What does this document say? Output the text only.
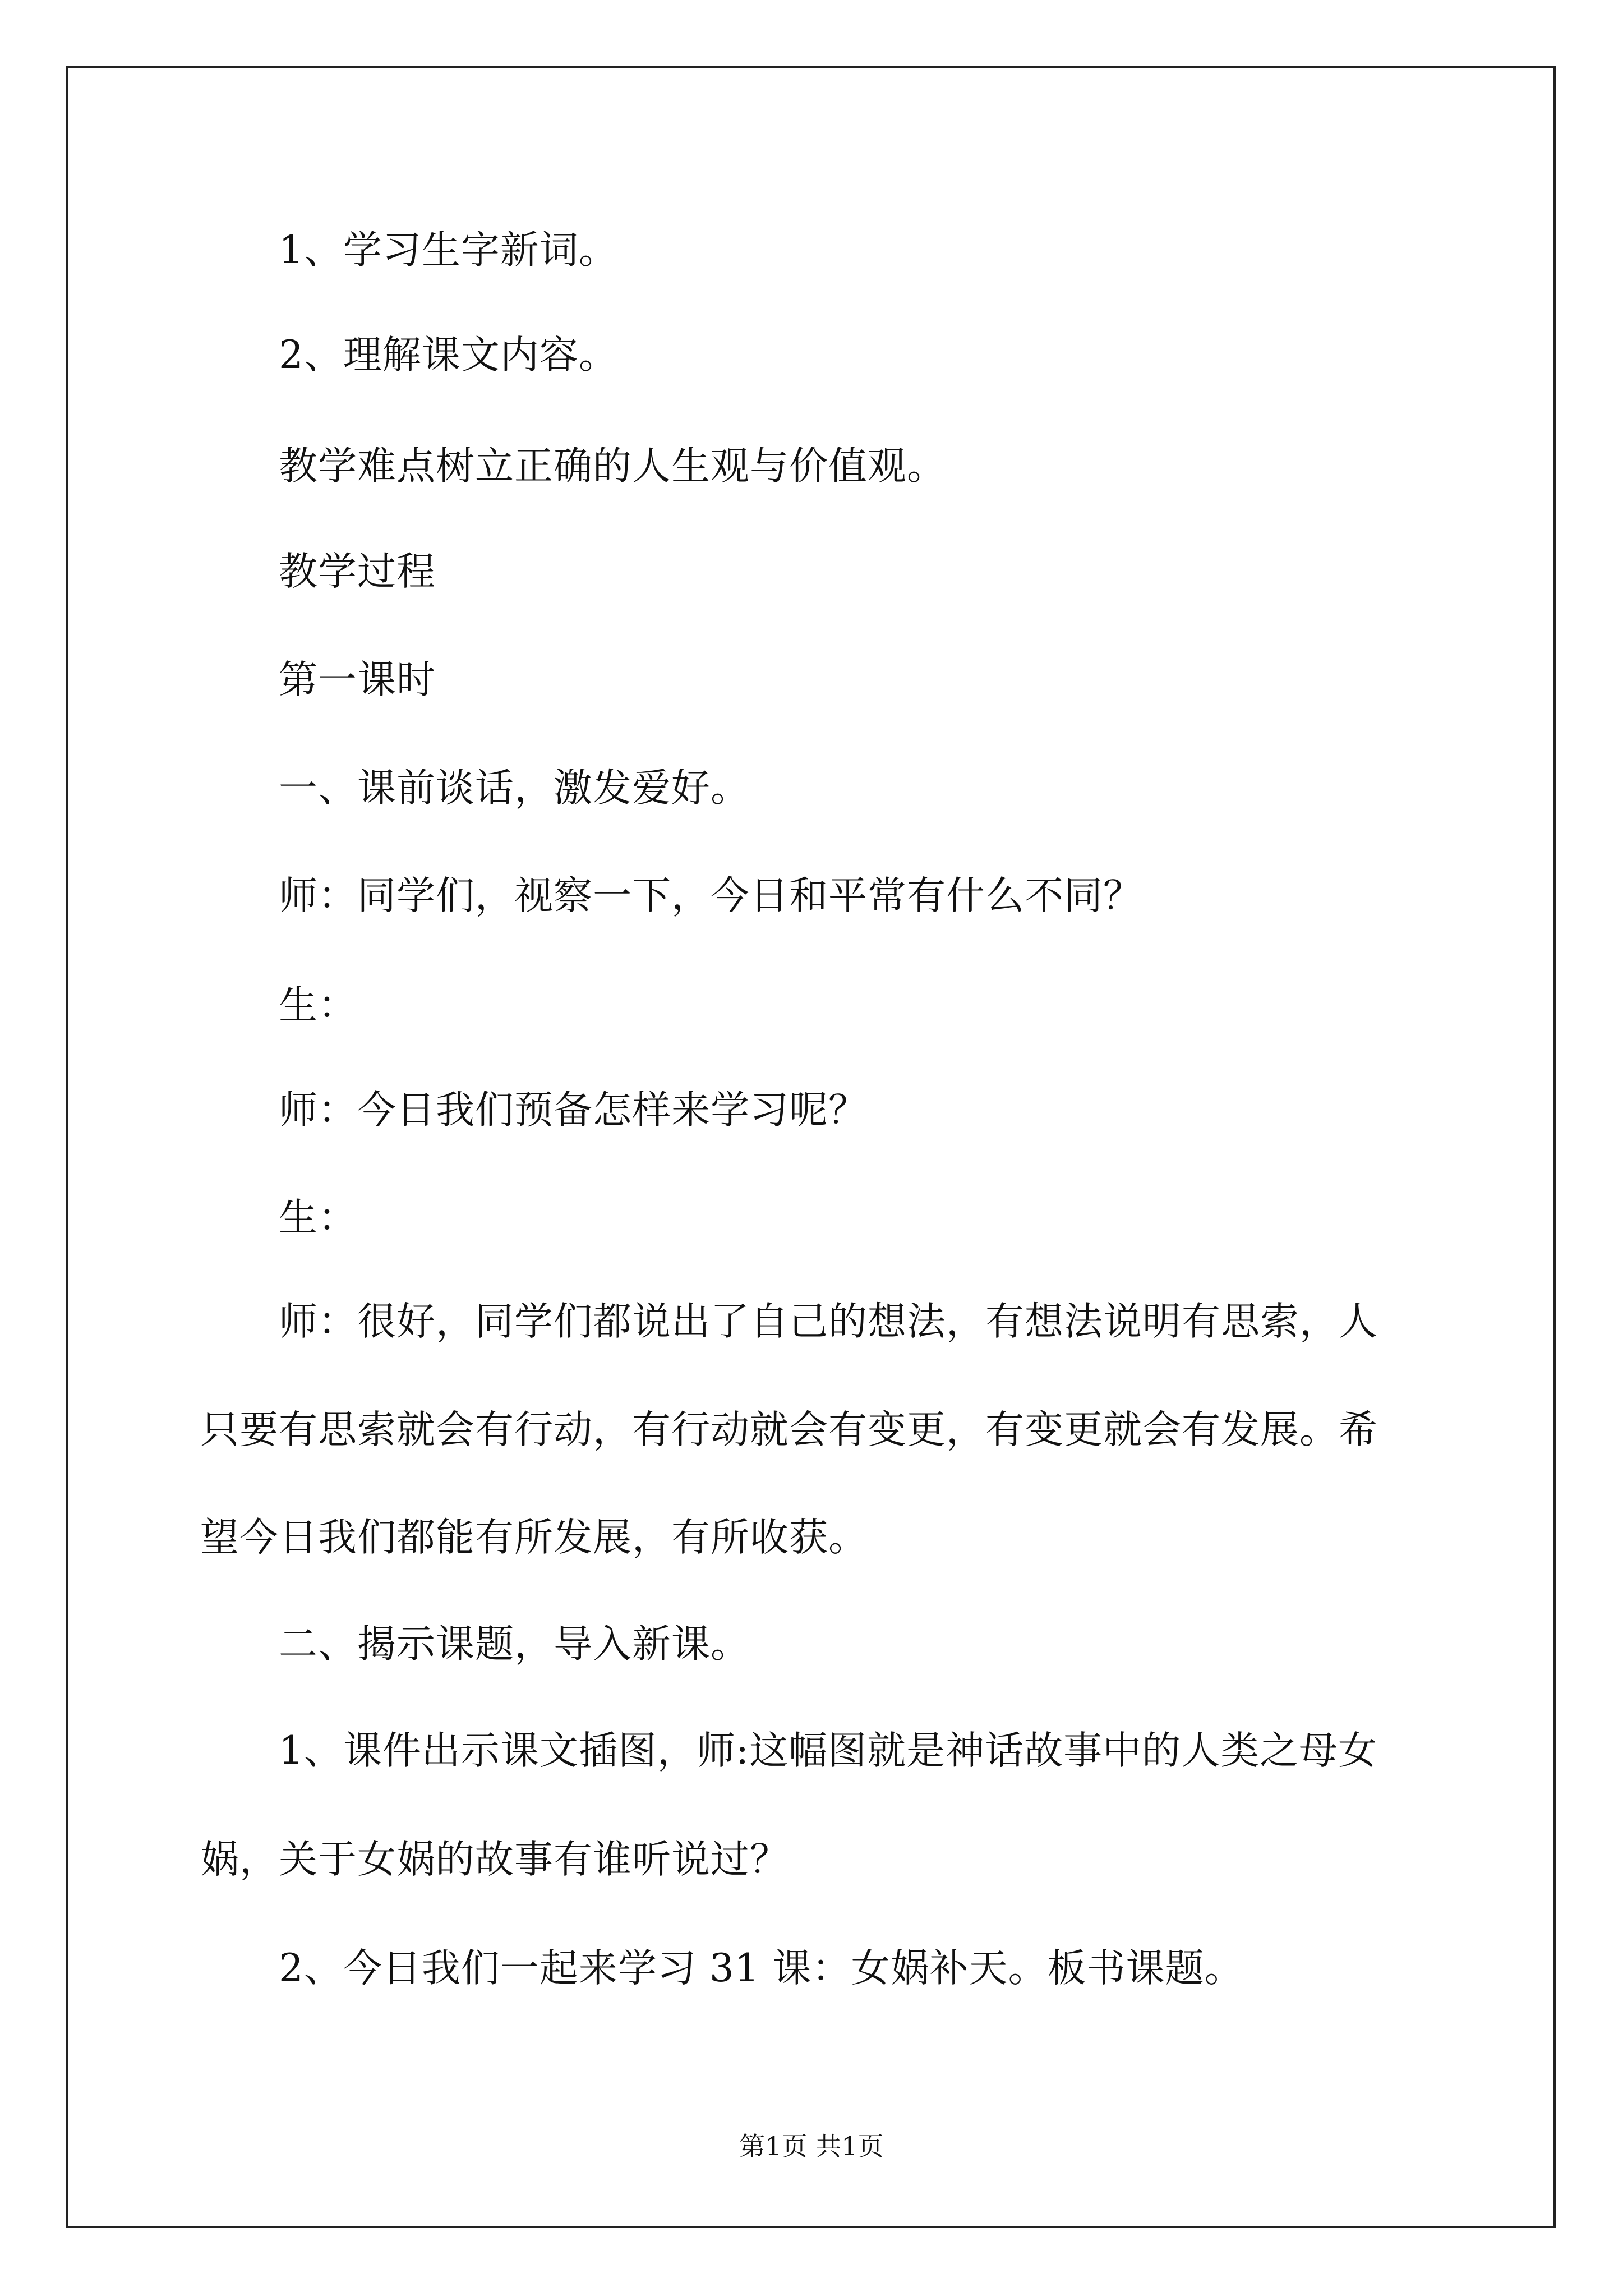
1、学习生字新词。
2、理解课文内容。
教学难点树立正确的人生观与价值观。
教学过程
第一课时
一、课前谈话，激发爱好。
师：同学们，视察一下，今日和平常有什么不同？
生：
师：今日我们预备怎样来学习呢？
生：
师：很好，同学们都说出了自己的想法，有想法说明有思索，人
只要有思索就会有行动，有行动就会有变更，有变更就会有发展。希
望今日我们都能有所发展，有所收获。
二、揭示课题，导入新课。
1、课件出示课文插图，师:这幅图就是神话故事中的人类之母女
娲，关于女娲的故事有谁听说过？
2、今日我们一起来学习 31 课：女娲补天。板书课题。
第1页 共1页
